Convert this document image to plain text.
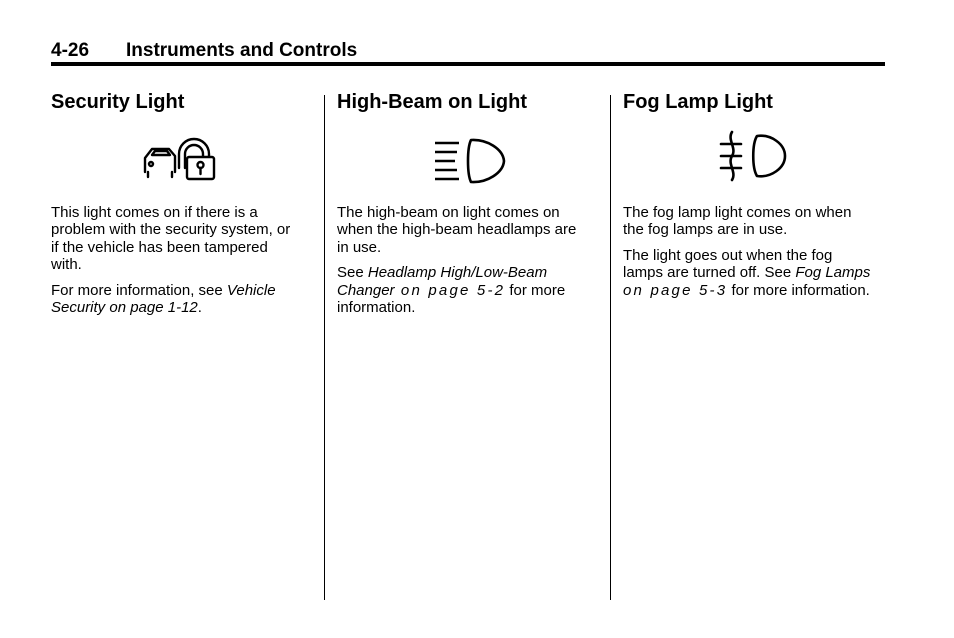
4-26 Instruments and Controls
Security Light

This light comes on if there is a problem with the security system, or if the vehicle has been tampered with.

For more information, see Vehicle Security on page 1-12.

High-Beam on Light

The high-beam on light comes on when the high-beam headlamps are in use.

See Headlamp High/Low-Beam Changer on page 5-2 for more information.

Fog Lamp Light

The fog lamp light comes on when the fog lamps are in use.

The light goes out when the fog lamps are turned off. See Fog Lamps on page 5-3 for more information.
